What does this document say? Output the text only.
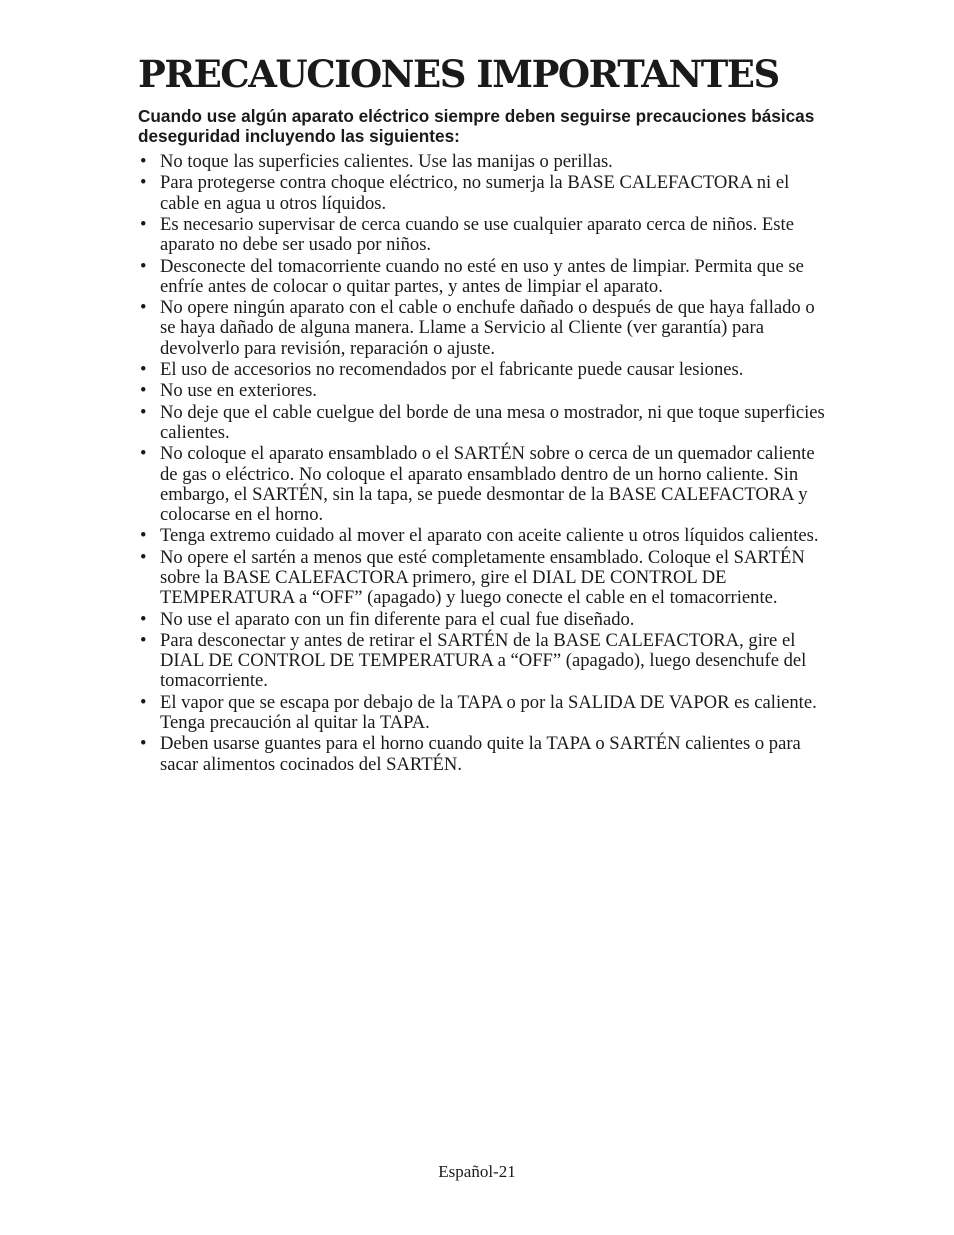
PRECAUCIONES IMPORTANTES

Cuando use algún aparato eléctrico siempre deben seguirse precauciones básicas deseguridad incluyendo las siguientes:

• No toque las superficies calientes. Use las manijas o perillas.
• Para protegerse contra choque eléctrico, no sumerja la BASE CALEFACTORA ni el cable en agua u otros líquidos.
• Es necesario supervisar de cerca cuando se use cualquier aparato cerca de niños. Este aparato no debe ser usado por niños.
• Desconecte del tomacorriente cuando no esté en uso y antes de limpiar. Permita que se enfríe antes de colocar o quitar partes, y antes de limpiar el aparato.
• No opere ningún aparato con el cable o enchufe dañado o después de que haya fallado o se haya dañado de alguna manera. Llame a Servicio al Cliente (ver garantía) para devolverlo para revisión, reparación o ajuste.
• El uso de accesorios no recomendados por el fabricante puede causar lesiones.
• No use en exteriores.
• No deje que el cable cuelgue del borde de una mesa o mostrador, ni que toque superficies calientes.
• No coloque el aparato ensamblado o el SARTÉN sobre o cerca de un quemador caliente de gas o eléctrico. No coloque el aparato ensamblado dentro de un horno caliente. Sin embargo, el SARTÉN, sin la tapa, se puede desmontar de la BASE CALEFACTORA y colocarse en el horno.
• Tenga extremo cuidado al mover el aparato con aceite caliente u otros líquidos calientes.
• No opere el sartén a menos que esté completamente ensamblado. Coloque el SARTÉN sobre la BASE CALEFACTORA primero, gire el DIAL DE CONTROL DE TEMPERATURA a “OFF” (apagado) y luego conecte el cable en el tomacorriente.
• No use el aparato con un fin diferente para el cual fue diseñado.
• Para desconectar y antes de retirar el SARTÉN de la BASE CALEFACTORA, gire el DIAL DE CONTROL DE TEMPERATURA a “OFF” (apagado), luego desenchufe del tomacorriente.
• El vapor que se escapa por debajo de la TAPA o por la SALIDA DE VAPOR es caliente. Tenga precaución al quitar la TAPA.
• Deben usarse guantes para el horno cuando quite la TAPA o SARTÉN calientes o para sacar alimentos cocinados del SARTÉN.
Español-21
